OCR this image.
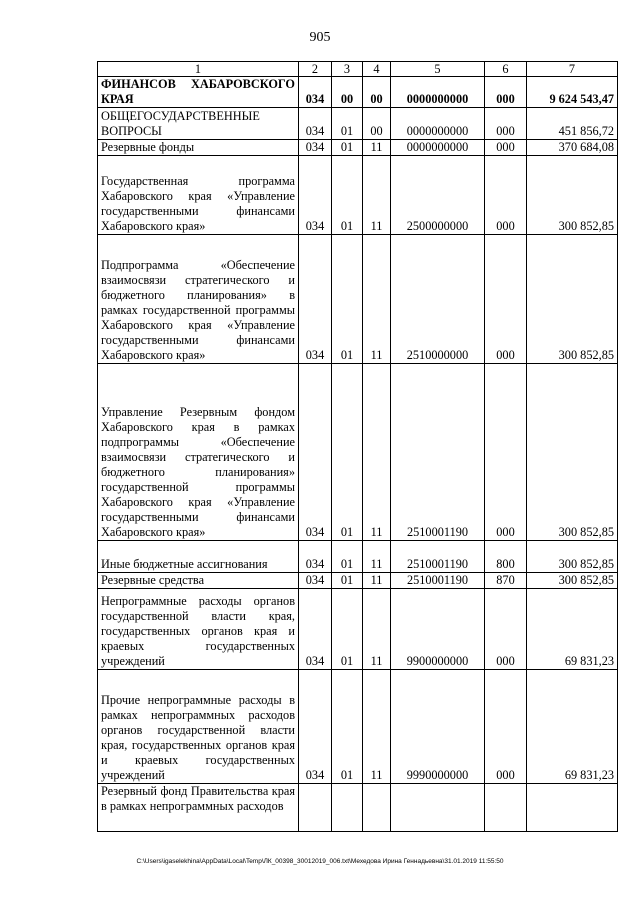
905
1	2	3	4	5	6	7
ФИНАНСОВ ХАБАРОВСКОГО КРАЯ	034	00	00	0000000000	000	9 624 543,47
ОБЩЕГОСУДАРСТВЕННЫЕ ВОПРОСЫ	034	01	00	0000000000	000	451 856,72
Резервные фонды	034	01	11	0000000000	000	370 684,08
Государственная программа Хабаровского края «Управление государственными финансами Хабаровского края»	034	01	11	2500000000	000	300 852,85
Подпрограмма «Обеспечение взаимосвязи стратегического и бюджетного планирования» в рамках государственной программы Хабаровского края «Управление государственными финансами Хабаровского края»	034	01	11	2510000000	000	300 852,85
Управление Резервным фондом Хабаровского края в рамках подпрограммы «Обеспечение взаимосвязи стратегического и бюджетного планирования» государственной программы Хабаровского края «Управление государственными финансами Хабаровского края»	034	01	11	2510001190	000	300 852,85
Иные бюджетные ассигнования	034	01	11	2510001190	800	300 852,85
Резервные средства	034	01	11	2510001190	870	300 852,85
Непрограммные расходы органов государственной власти края, государственных органов края и краевых государственных учреждений	034	01	11	9900000000	000	69 831,23
Прочие непрограммные расходы в рамках непрограммных расходов органов государственной власти края, государственных органов края и краевых государственных учреждений	034	01	11	9990000000	000	69 831,23
Резервный фонд Правительства края в рамках непрограммных расходов						
C:\Users\igaselekhina\AppData\Local\Temp\ЛК_00398_30012019_006.txt\Мехедова Ирина Геннадьевна\31.01.2019 11:55:50
